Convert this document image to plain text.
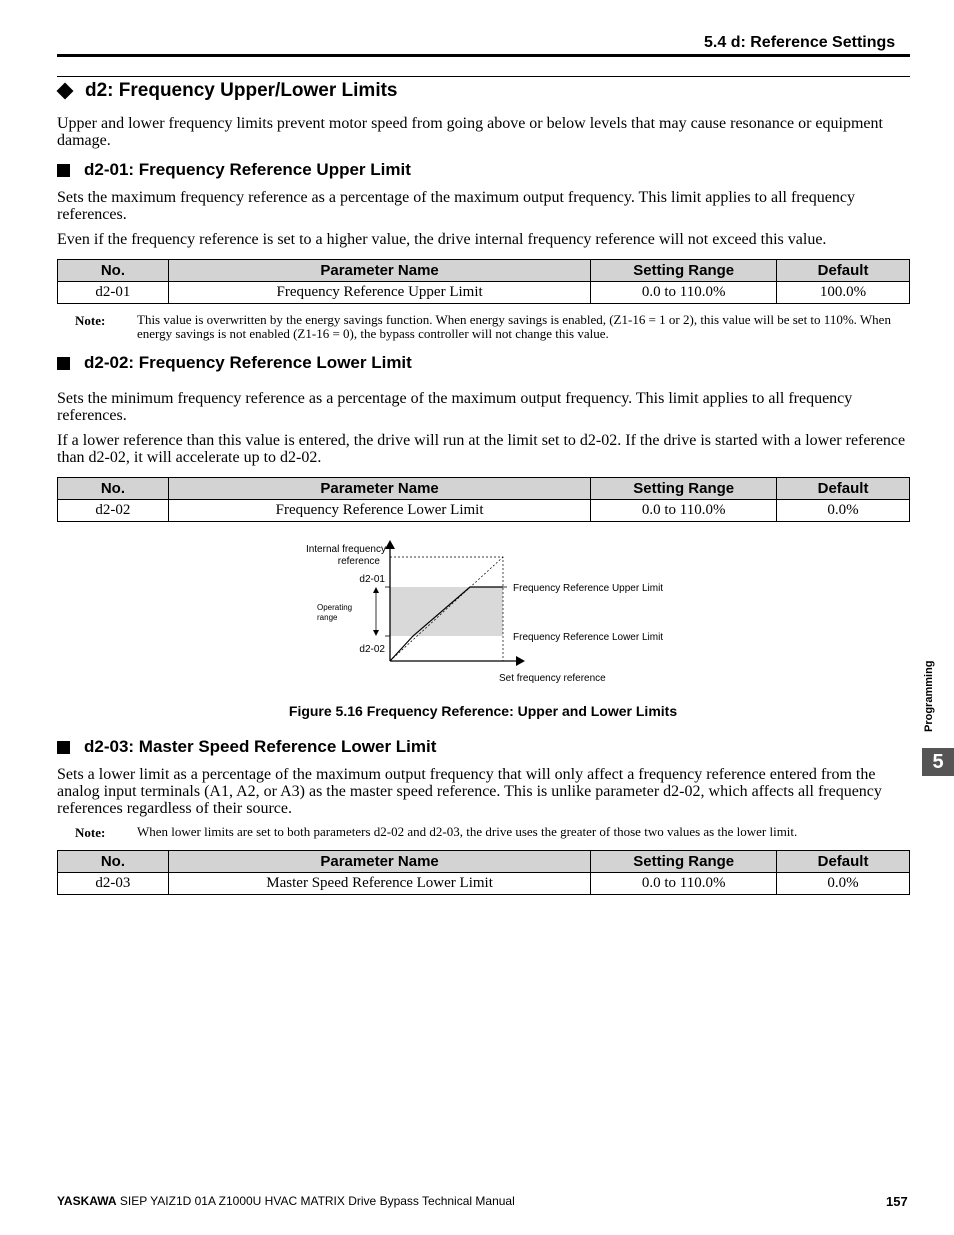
5.4 d: Reference Settings
d2: Frequency Upper/Lower Limits
Upper and lower frequency limits prevent motor speed from going above or below levels that may cause resonance or equipment damage.
d2-01: Frequency Reference Upper Limit
Sets the maximum frequency reference as a percentage of the maximum output frequency. This limit applies to all frequency references.
Even if the frequency reference is set to a higher value, the drive internal frequency reference will not exceed this value.
No.	Parameter Name	Setting Range	Default
d2-01	Frequency Reference Upper Limit	0.0 to 110.0%	100.0%
Note: This value is overwritten by the energy savings function. When energy savings is enabled, (Z1-16 = 1 or 2), this value will be set to 110%. When energy savings is not enabled (Z1-16 = 0), the bypass controller will not change this value.
d2-02: Frequency Reference Lower Limit
Sets the minimum frequency reference as a percentage of the maximum output frequency. This limit applies to all frequency references.
If a lower reference than this value is entered, the drive will run at the limit set to d2-02. If the drive is started with a lower reference than d2-02, it will accelerate up to d2-02.
No.	Parameter Name	Setting Range	Default
d2-02	Frequency Reference Lower Limit	0.0 to 110.0%	0.0%
Internal frequency
reference
d2-01
d2-02
Operating
range
Frequency Reference Upper Limit
Frequency Reference Lower Limit
Set frequency reference
Figure 5.16 Frequency Reference: Upper and Lower Limits
d2-03: Master Speed Reference Lower Limit
Sets a lower limit as a percentage of the maximum output frequency that will only affect a frequency reference entered from the analog input terminals (A1, A2, or A3) as the master speed reference. This is unlike parameter d2-02, which affects all frequency references regardless of their source.
Note: When lower limits are set to both parameters d2-02 and d2-03, the drive uses the greater of those two values as the lower limit.
No.	Parameter Name	Setting Range	Default
d2-03	Master Speed Reference Lower Limit	0.0 to 110.0%	0.0%
Programming
5
YASKAWA SIEP YAIZ1D 01A Z1000U HVAC MATRIX Drive Bypass Technical Manual	157
